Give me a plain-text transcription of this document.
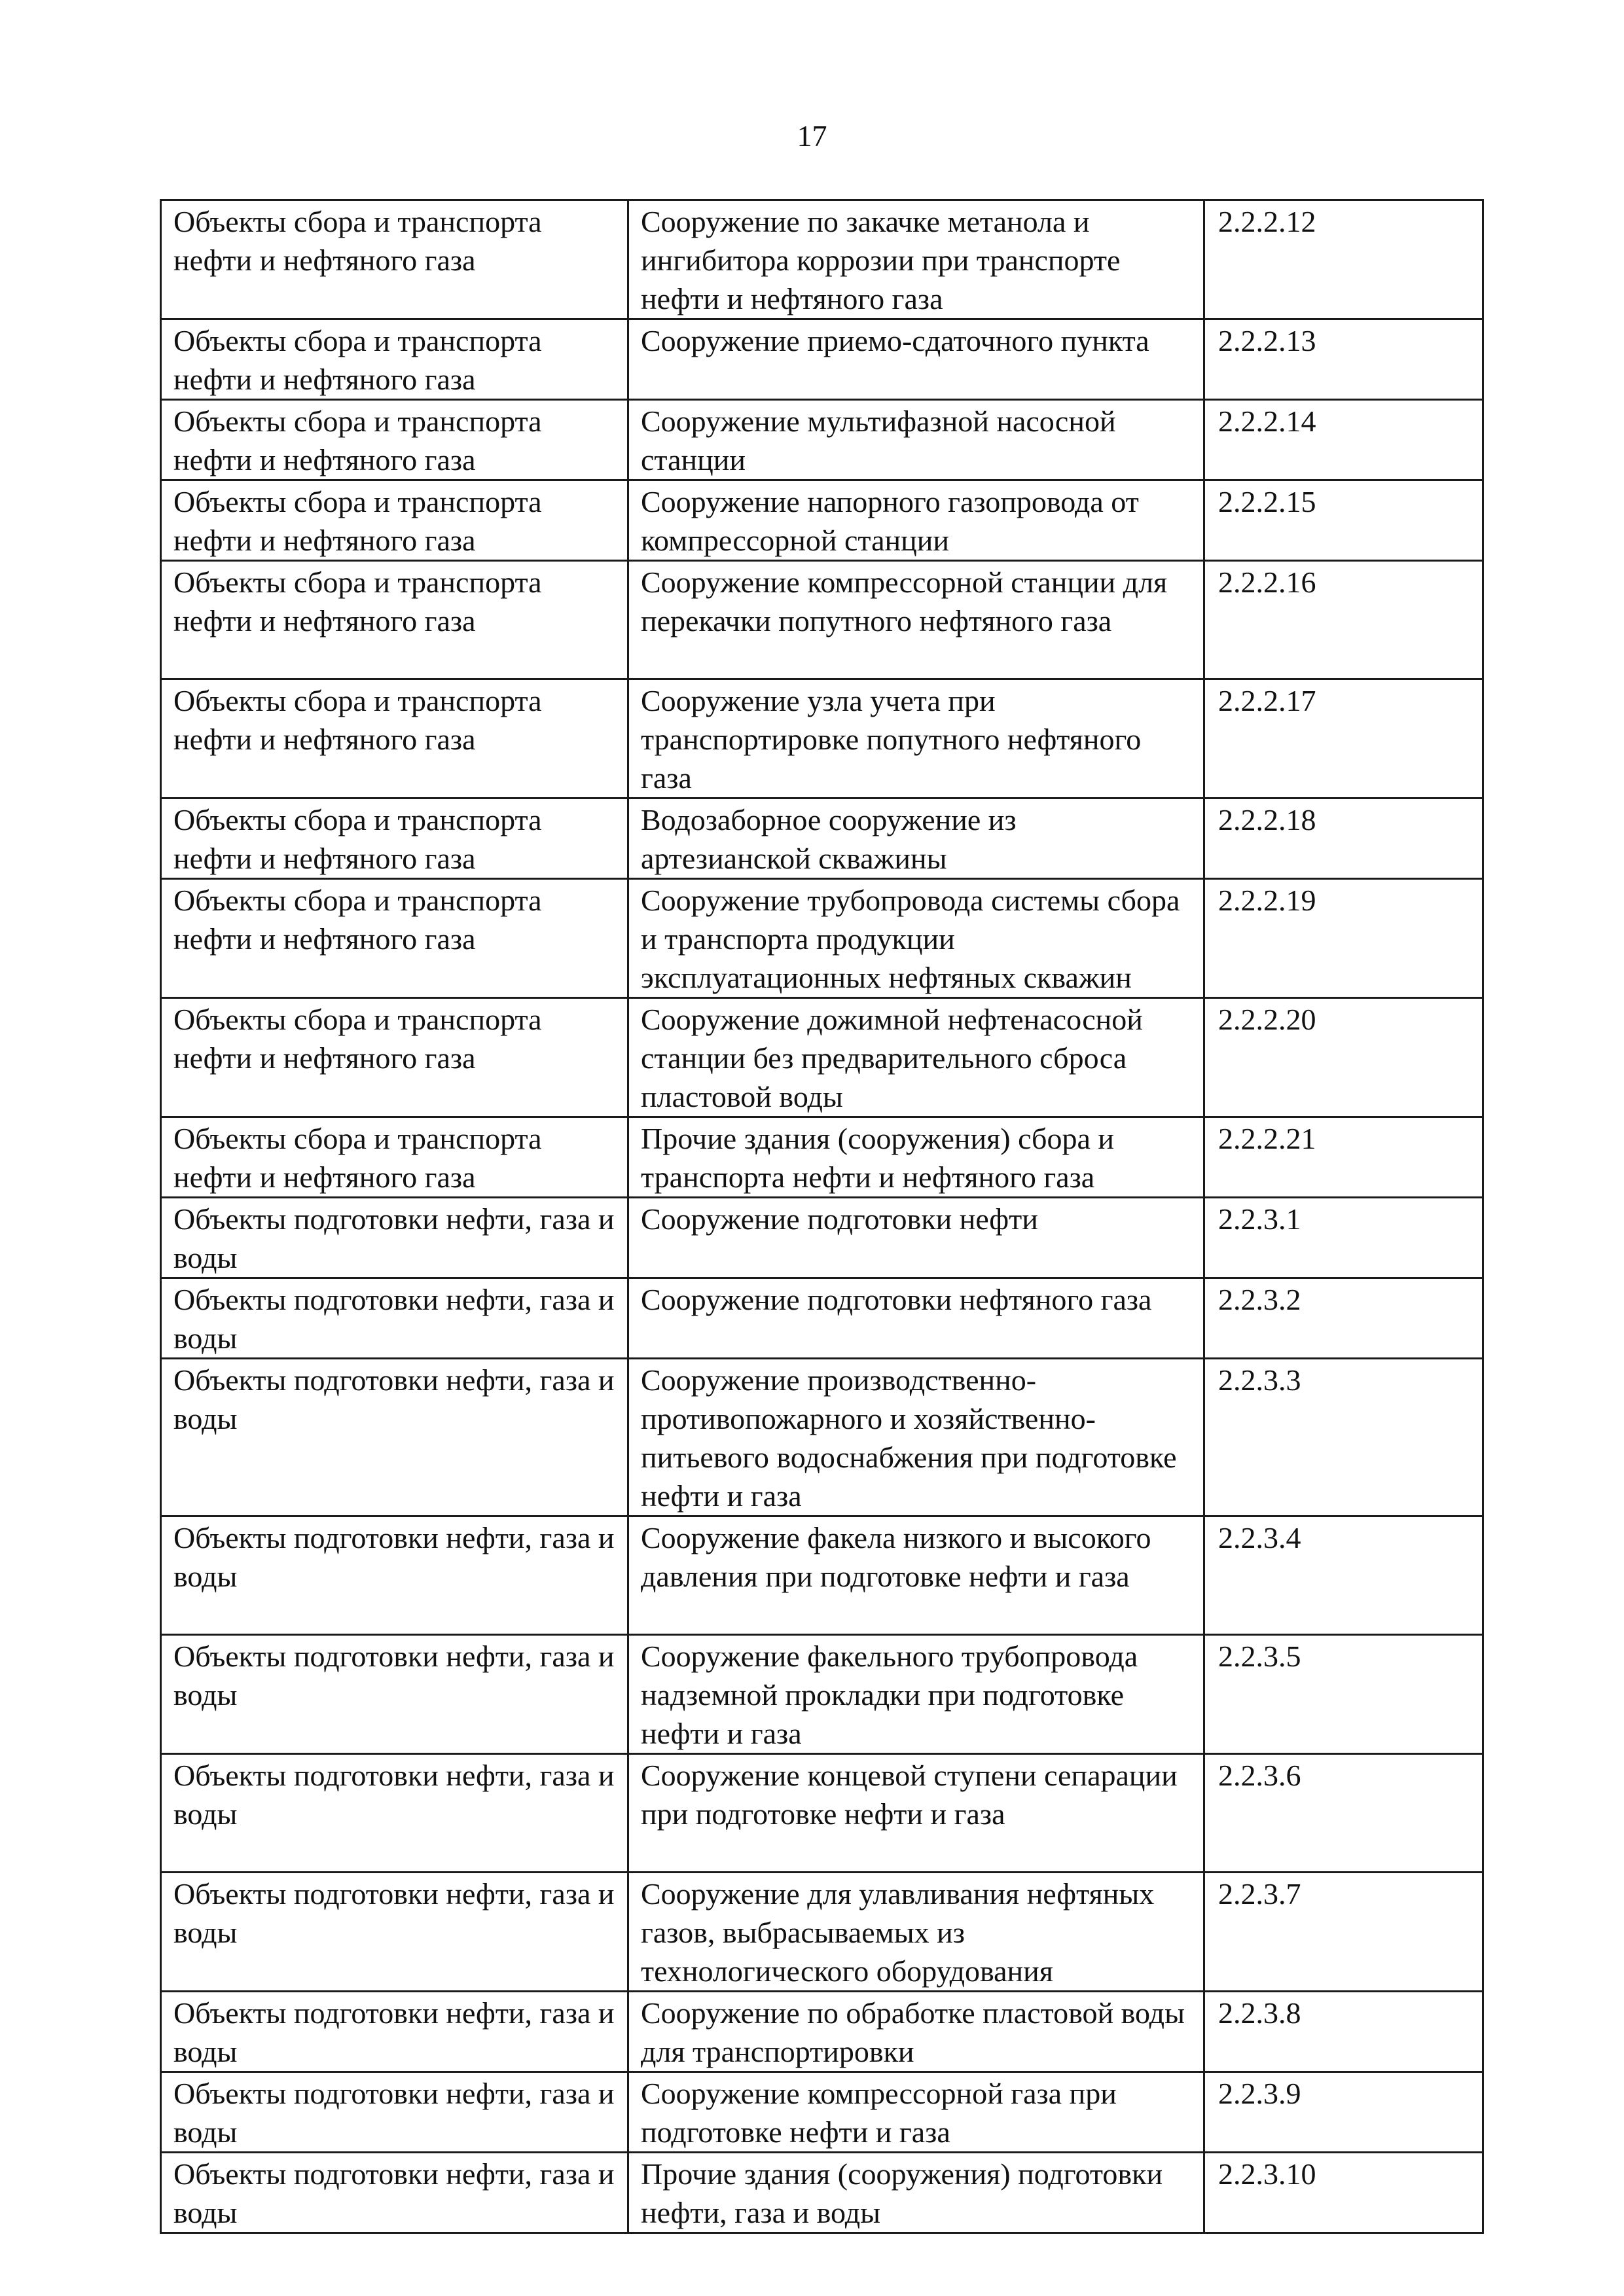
17
Объекты сбора и транспорта нефти и нефтяного газа	Сооружение по закачке метанола и ингибитора коррозии при транспорте нефти и нефтяного газа	2.2.2.12
Объекты сбора и транспорта нефти и нефтяного газа	Сооружение приемо-сдаточного пункта	2.2.2.13
Объекты сбора и транспорта нефти и нефтяного газа	Сооружение мультифазной насосной станции	2.2.2.14
Объекты сбора и транспорта нефти и нефтяного газа	Сооружение напорного газопровода от компрессорной станции	2.2.2.15
Объекты сбора и транспорта нефти и нефтяного газа	Сооружение компрессорной станции для перекачки попутного нефтяного газа	2.2.2.16
Объекты сбора и транспорта нефти и нефтяного газа	Сооружение узла учета при транспортировке попутного нефтяного газа	2.2.2.17
Объекты сбора и транспорта нефти и нефтяного газа	Водозаборное сооружение из артезианской скважины	2.2.2.18
Объекты сбора и транспорта нефти и нефтяного газа	Сооружение трубопровода системы сбора и транспорта продукции эксплуатационных нефтяных скважин	2.2.2.19
Объекты сбора и транспорта нефти и нефтяного газа	Сооружение дожимной нефтенасосной станции без предварительного сброса пластовой воды	2.2.2.20
Объекты сбора и транспорта нефти и нефтяного газа	Прочие здания (сооружения) сбора и транспорта нефти и нефтяного газа	2.2.2.21
Объекты подготовки нефти, газа и воды	Сооружение подготовки нефти	2.2.3.1
Объекты подготовки нефти, газа и воды	Сооружение подготовки нефтяного газа	2.2.3.2
Объекты подготовки нефти, газа и воды	Сооружение производственно-противопожарного и хозяйственно-питьевого водоснабжения при подготовке нефти и газа	2.2.3.3
Объекты подготовки нефти, газа и воды	Сооружение факела низкого и высокого давления при подготовке нефти и газа	2.2.3.4
Объекты подготовки нефти, газа и воды	Сооружение факельного трубопровода надземной прокладки при подготовке нефти и газа	2.2.3.5
Объекты подготовки нефти, газа и воды	Сооружение концевой ступени сепарации при подготовке нефти и газа	2.2.3.6
Объекты подготовки нефти, газа и воды	Сооружение для улавливания нефтяных газов, выбрасываемых из технологического оборудования	2.2.3.7
Объекты подготовки нефти, газа и воды	Сооружение по обработке пластовой воды для транспортировки	2.2.3.8
Объекты подготовки нефти, газа и воды	Сооружение компрессорной газа при подготовке нефти и газа	2.2.3.9
Объекты подготовки нефти, газа и воды	Прочие здания (сооружения) подготовки нефти, газа и воды	2.2.3.10
